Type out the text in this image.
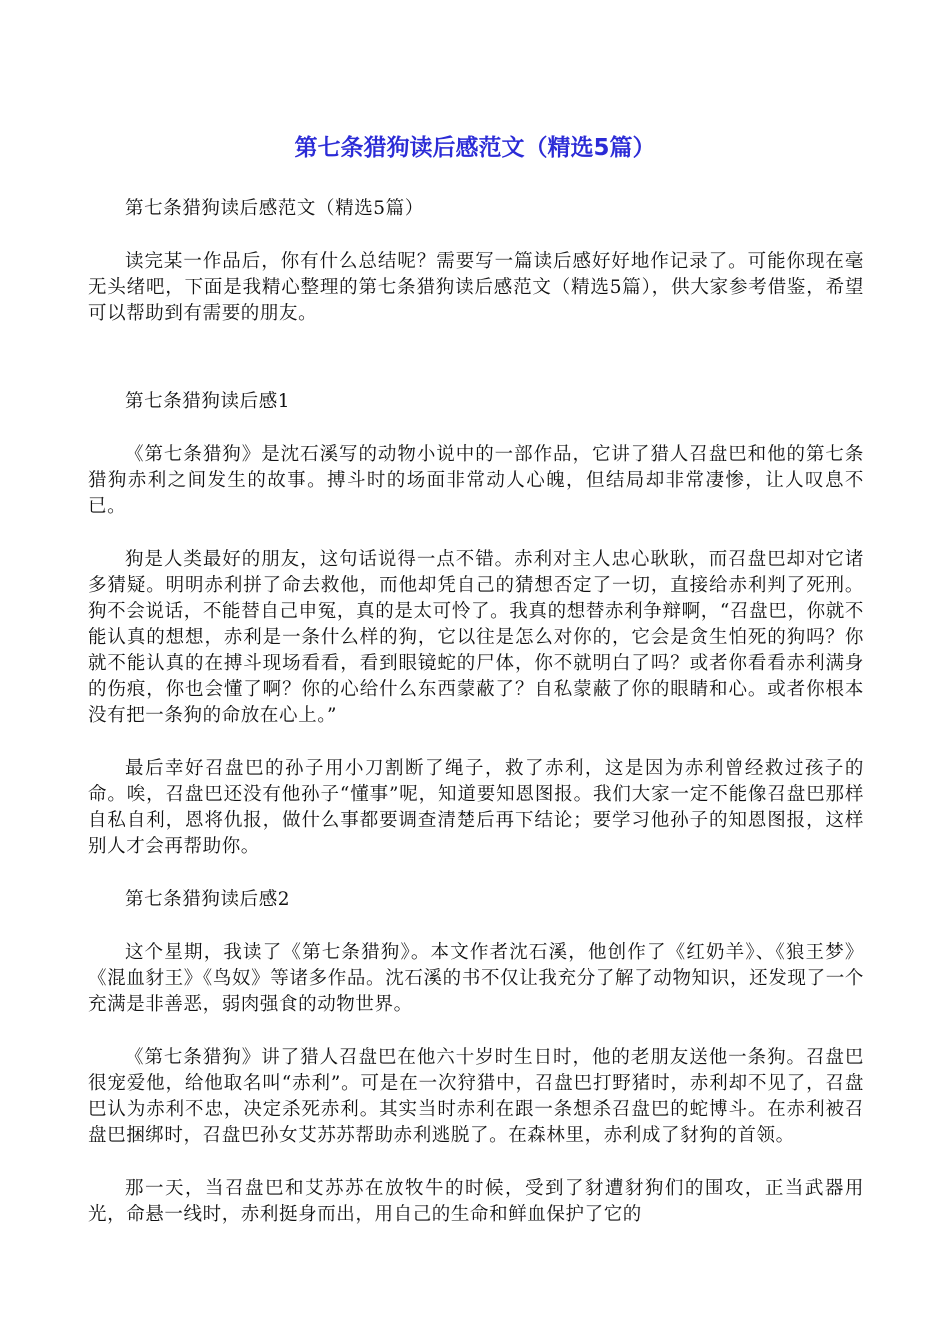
第七条猎狗读后感范文（精选5篇）

第七条猎狗读后感范文（精选5篇）

读完某一作品后，你有什么总结呢？需要写一篇读后感好好地作记录了。可能你现在毫无头绪吧，下面是我精心整理的第七条猎狗读后感范文（精选5篇），供大家参考借鉴，希望可以帮助到有需要的朋友。

第七条猎狗读后感1

《第七条猎狗》是沈石溪写的动物小说中的一部作品，它讲了猎人召盘巴和他的第七条猎狗赤利之间发生的故事。搏斗时的场面非常动人心魄，但结局却非常凄惨，让人叹息不已。

狗是人类最好的朋友，这句话说得一点不错。赤利对主人忠心耿耿，而召盘巴却对它诸多猜疑。明明赤利拼了命去救他，而他却凭自己的猜想否定了一切，直接给赤利判了死刑。狗不会说话，不能替自己申冤，真的是太可怜了。我真的想替赤利争辩啊，“召盘巴，你就不能认真的想想，赤利是一条什么样的狗，它以往是怎么对你的，它会是贪生怕死的狗吗？你就不能认真的在搏斗现场看看，看到眼镜蛇的尸体，你不就明白了吗？或者你看看赤利满身的伤痕，你也会懂了啊？你的心给什么东西蒙蔽了？自私蒙蔽了你的眼睛和心。或者你根本没有把一条狗的命放在心上。”

最后幸好召盘巴的孙子用小刀割断了绳子，救了赤利，这是因为赤利曾经救过孩子的命。唉，召盘巴还没有他孙子“懂事”呢，知道要知恩图报。我们大家一定不能像召盘巴那样自私自利，恩将仇报，做什么事都要调查清楚后再下结论；要学习他孙子的知恩图报，这样别人才会再帮助你。

第七条猎狗读后感2

这个星期，我读了《第七条猎狗》。本文作者沈石溪，他创作了《红奶羊》、《狼王梦》《混血豺王》《鸟奴》等诸多作品。沈石溪的书不仅让我充分了解了动物知识，还发现了一个充满是非善恶，弱肉强食的动物世界。

《第七条猎狗》讲了猎人召盘巴在他六十岁时生日时，他的老朋友送他一条狗。召盘巴很宠爱他，给他取名叫“赤利”。可是在一次狩猎中，召盘巴打野猪时，赤利却不见了，召盘巴认为赤利不忠，决定杀死赤利。其实当时赤利在跟一条想杀召盘巴的蛇博斗。在赤利被召盘巴捆绑时，召盘巴孙女艾苏苏帮助赤利逃脱了。在森林里，赤利成了豺狗的首领。

那一天，当召盘巴和艾苏苏在放牧牛的时候，受到了豺遭豺狗们的围攻，正当武器用光，命悬一线时，赤利挺身而出，用自己的生命和鲜血保护了它的
